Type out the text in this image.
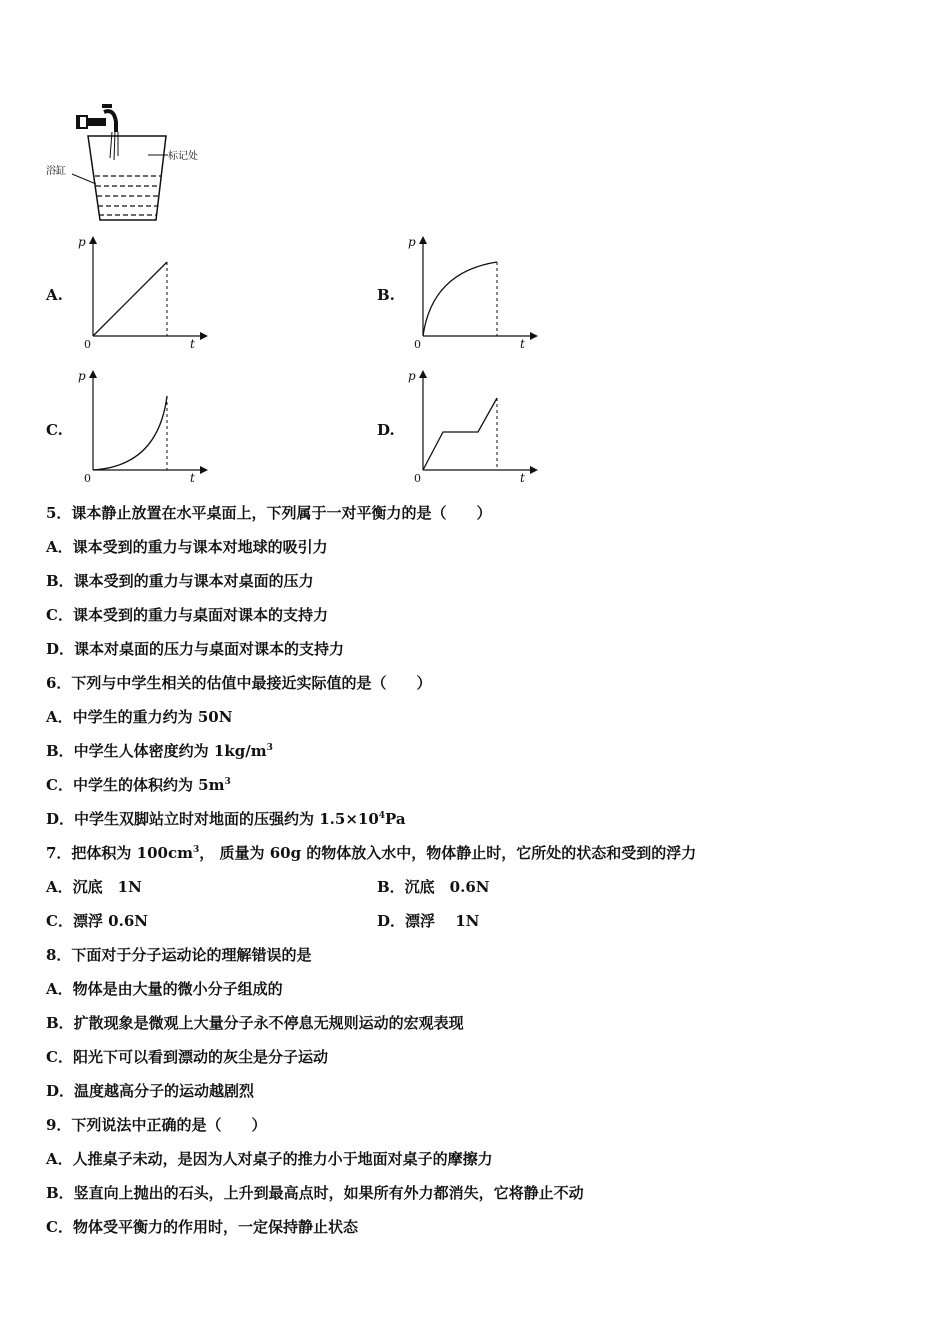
标记处
浴缸
A.
p
t
0
B.
p
t
0
C.
p
t
0
D.
p
t
0
5．课本静止放置在水平桌面上，下列属于一对平衡力的是（　　）
A．课本受到的重力与课本对地球的吸引力
B．课本受到的重力与课本对桌面的压力
C．课本受到的重力与桌面对课本的支持力
D．课本对桌面的压力与桌面对课本的支持力
6．下列与中学生相关的估值中最接近实际值的是（　　）
A．中学生的重力约为 50N
B．中学生人体密度约为 $1kg/m^3$
C．中学生的体积约为 $5m^3$
D．中学生双脚站立时对地面的压强约为 $1.5\times 10^4Pa$
7．把体积为 $100cm^3$， 质量为 60g 的物体放入水中，物体静止时，它所处的状态和受到的浮力
A．沉底　1N	B．沉底　0.6N
C．漂浮 0.6N	D．漂浮　 1N
8．下面对于分子运动论的理解错误的是
A．物体是由大量的微小分子组成的
B．扩散现象是微观上大量分子永不停息无规则运动的宏观表现
C．阳光下可以看到漂动的灰尘是分子运动
D．温度越高分子的运动越剧烈
9．下列说法中正确的是（　　）
A．人推桌子未动，是因为人对桌子的推力小于地面对桌子的摩擦力
B．竖直向上抛出的石头，上升到最高点时，如果所有外力都消失，它将静止不动
C．物体受平衡力的作用时，一定保持静止状态
